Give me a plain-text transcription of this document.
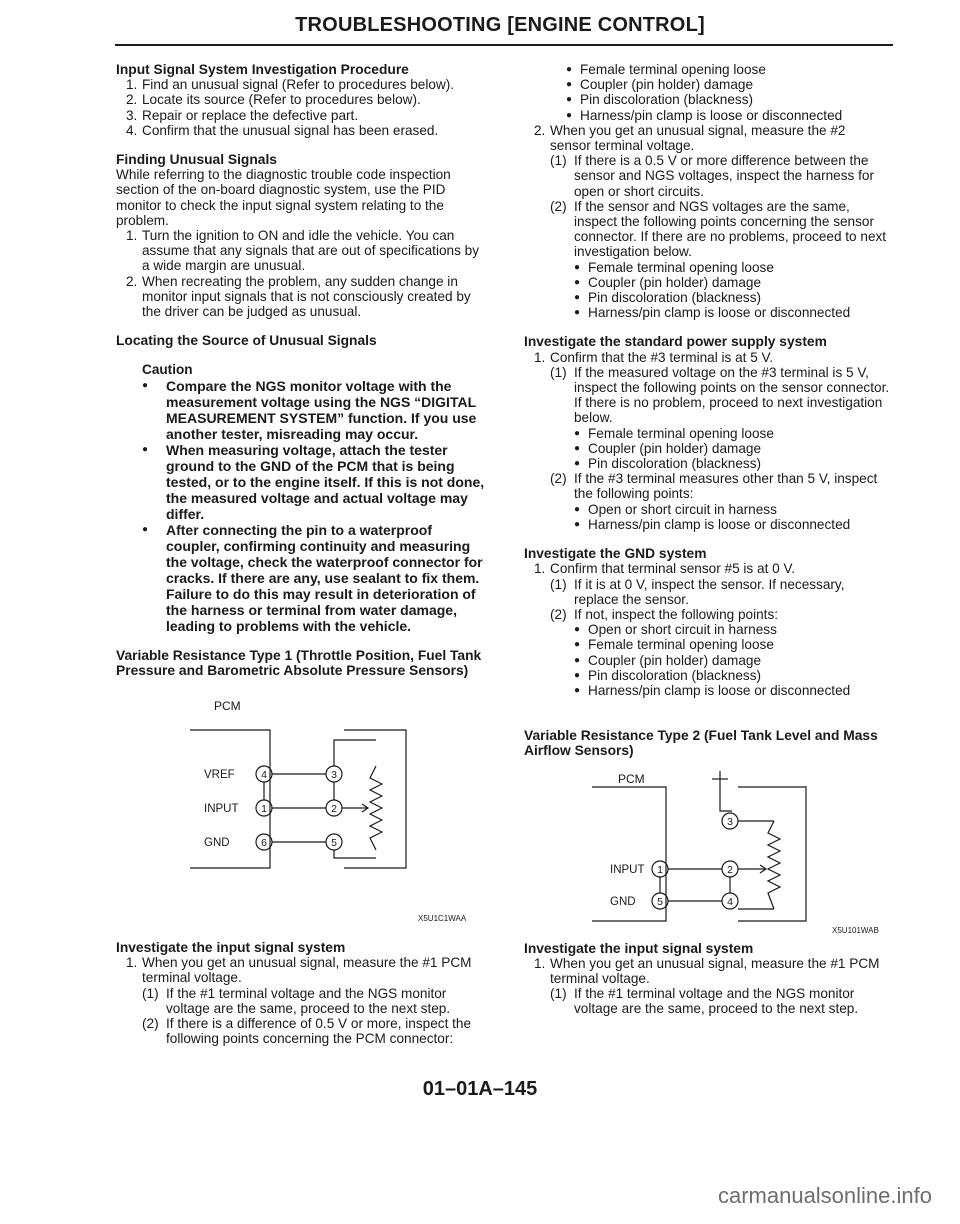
TROUBLESHOOTING [ENGINE CONTROL]

Input Signal System Investigation Procedure

1. Find an unusual signal (Refer to procedures below).
2. Locate its source (Refer to procedures below).
3. Repair or replace the defective part.
4. Confirm that the unusual signal has been erased.

Finding Unusual Signals

While referring to the diagnostic trouble code inspection section of the on-board diagnostic system, use the PID monitor to check the input signal system relating to the problem.

1. Turn the ignition to ON and idle the vehicle. You can assume that any signals that are out of specifications by a wide margin are unusual.
2. When recreating the problem, any sudden change in monitor input signals that is not consciously created by the driver can be judged as unusual.

Locating the Source of Unusual Signals

Caution
● Compare the NGS monitor voltage with the measurement voltage using the NGS “DIGITAL MEASUREMENT SYSTEM” function. If you use another tester, misreading may occur.
● When measuring voltage, attach the tester ground to the GND of the PCM that is being tested, or to the engine itself. If this is not done, the measured voltage and actual voltage may differ.
● After connecting the pin to a waterproof coupler, confirming continuity and measuring the voltage, check the waterproof connector for cracks. If there are any, use sealant to fix them. Failure to do this may result in deterioration of the harness or terminal from water damage, leading to problems with the vehicle.

Variable Resistance Type 1 (Throttle Position, Fuel Tank Pressure and Barometric Absolute Pressure Sensors)

PCM
VREF
INPUT
GND
4
1
6
3
2
5
X5U1C1WAA

Investigate the input signal system

1. When you get an unusual signal, measure the #1 PCM terminal voltage.
(1) If the #1 terminal voltage and the NGS monitor voltage are the same, proceed to the next step.
(2) If there is a difference of 0.5 V or more, inspect the following points concerning the PCM connector:
● Female terminal opening loose
● Coupler (pin holder) damage
● Pin discoloration (blackness)
● Harness/pin clamp is loose or disconnected
2. When you get an unusual signal, measure the #2 sensor terminal voltage.
(1) If there is a 0.5 V or more difference between the sensor and NGS voltages, inspect the harness for open or short circuits.
(2) If the sensor and NGS voltages are the same, inspect the following points concerning the sensor connector. If there are no problems, proceed to next investigation below.
● Female terminal opening loose
● Coupler (pin holder) damage
● Pin discoloration (blackness)
● Harness/pin clamp is loose or disconnected

Investigate the standard power supply system

1. Confirm that the #3 terminal is at 5 V.
(1) If the measured voltage on the #3 terminal is 5 V, inspect the following points on the sensor connector. If there is no problem, proceed to next investigation below.
● Female terminal opening loose
● Coupler (pin holder) damage
● Pin discoloration (blackness)
(2) If the #3 terminal measures other than 5 V, inspect the following points:
● Open or short circuit in harness
● Harness/pin clamp is loose or disconnected

Investigate the GND system

1. Confirm that terminal sensor #5 is at 0 V.
(1) If it is at 0 V, inspect the sensor. If necessary, replace the sensor.
(2) If not, inspect the following points:
● Open or short circuit in harness
● Female terminal opening loose
● Coupler (pin holder) damage
● Pin discoloration (blackness)
● Harness/pin clamp is loose or disconnected

Variable Resistance Type 2 (Fuel Tank Level and Mass Airflow Sensors)

PCM
INPUT
GND
1
5
3
2
4
X5U101WAB

Investigate the input signal system

1. When you get an unusual signal, measure the #1 PCM terminal voltage.
(1) If the #1 terminal voltage and the NGS monitor voltage are the same, proceed to the next step.
01–01A–145
carmanualsonline.info
